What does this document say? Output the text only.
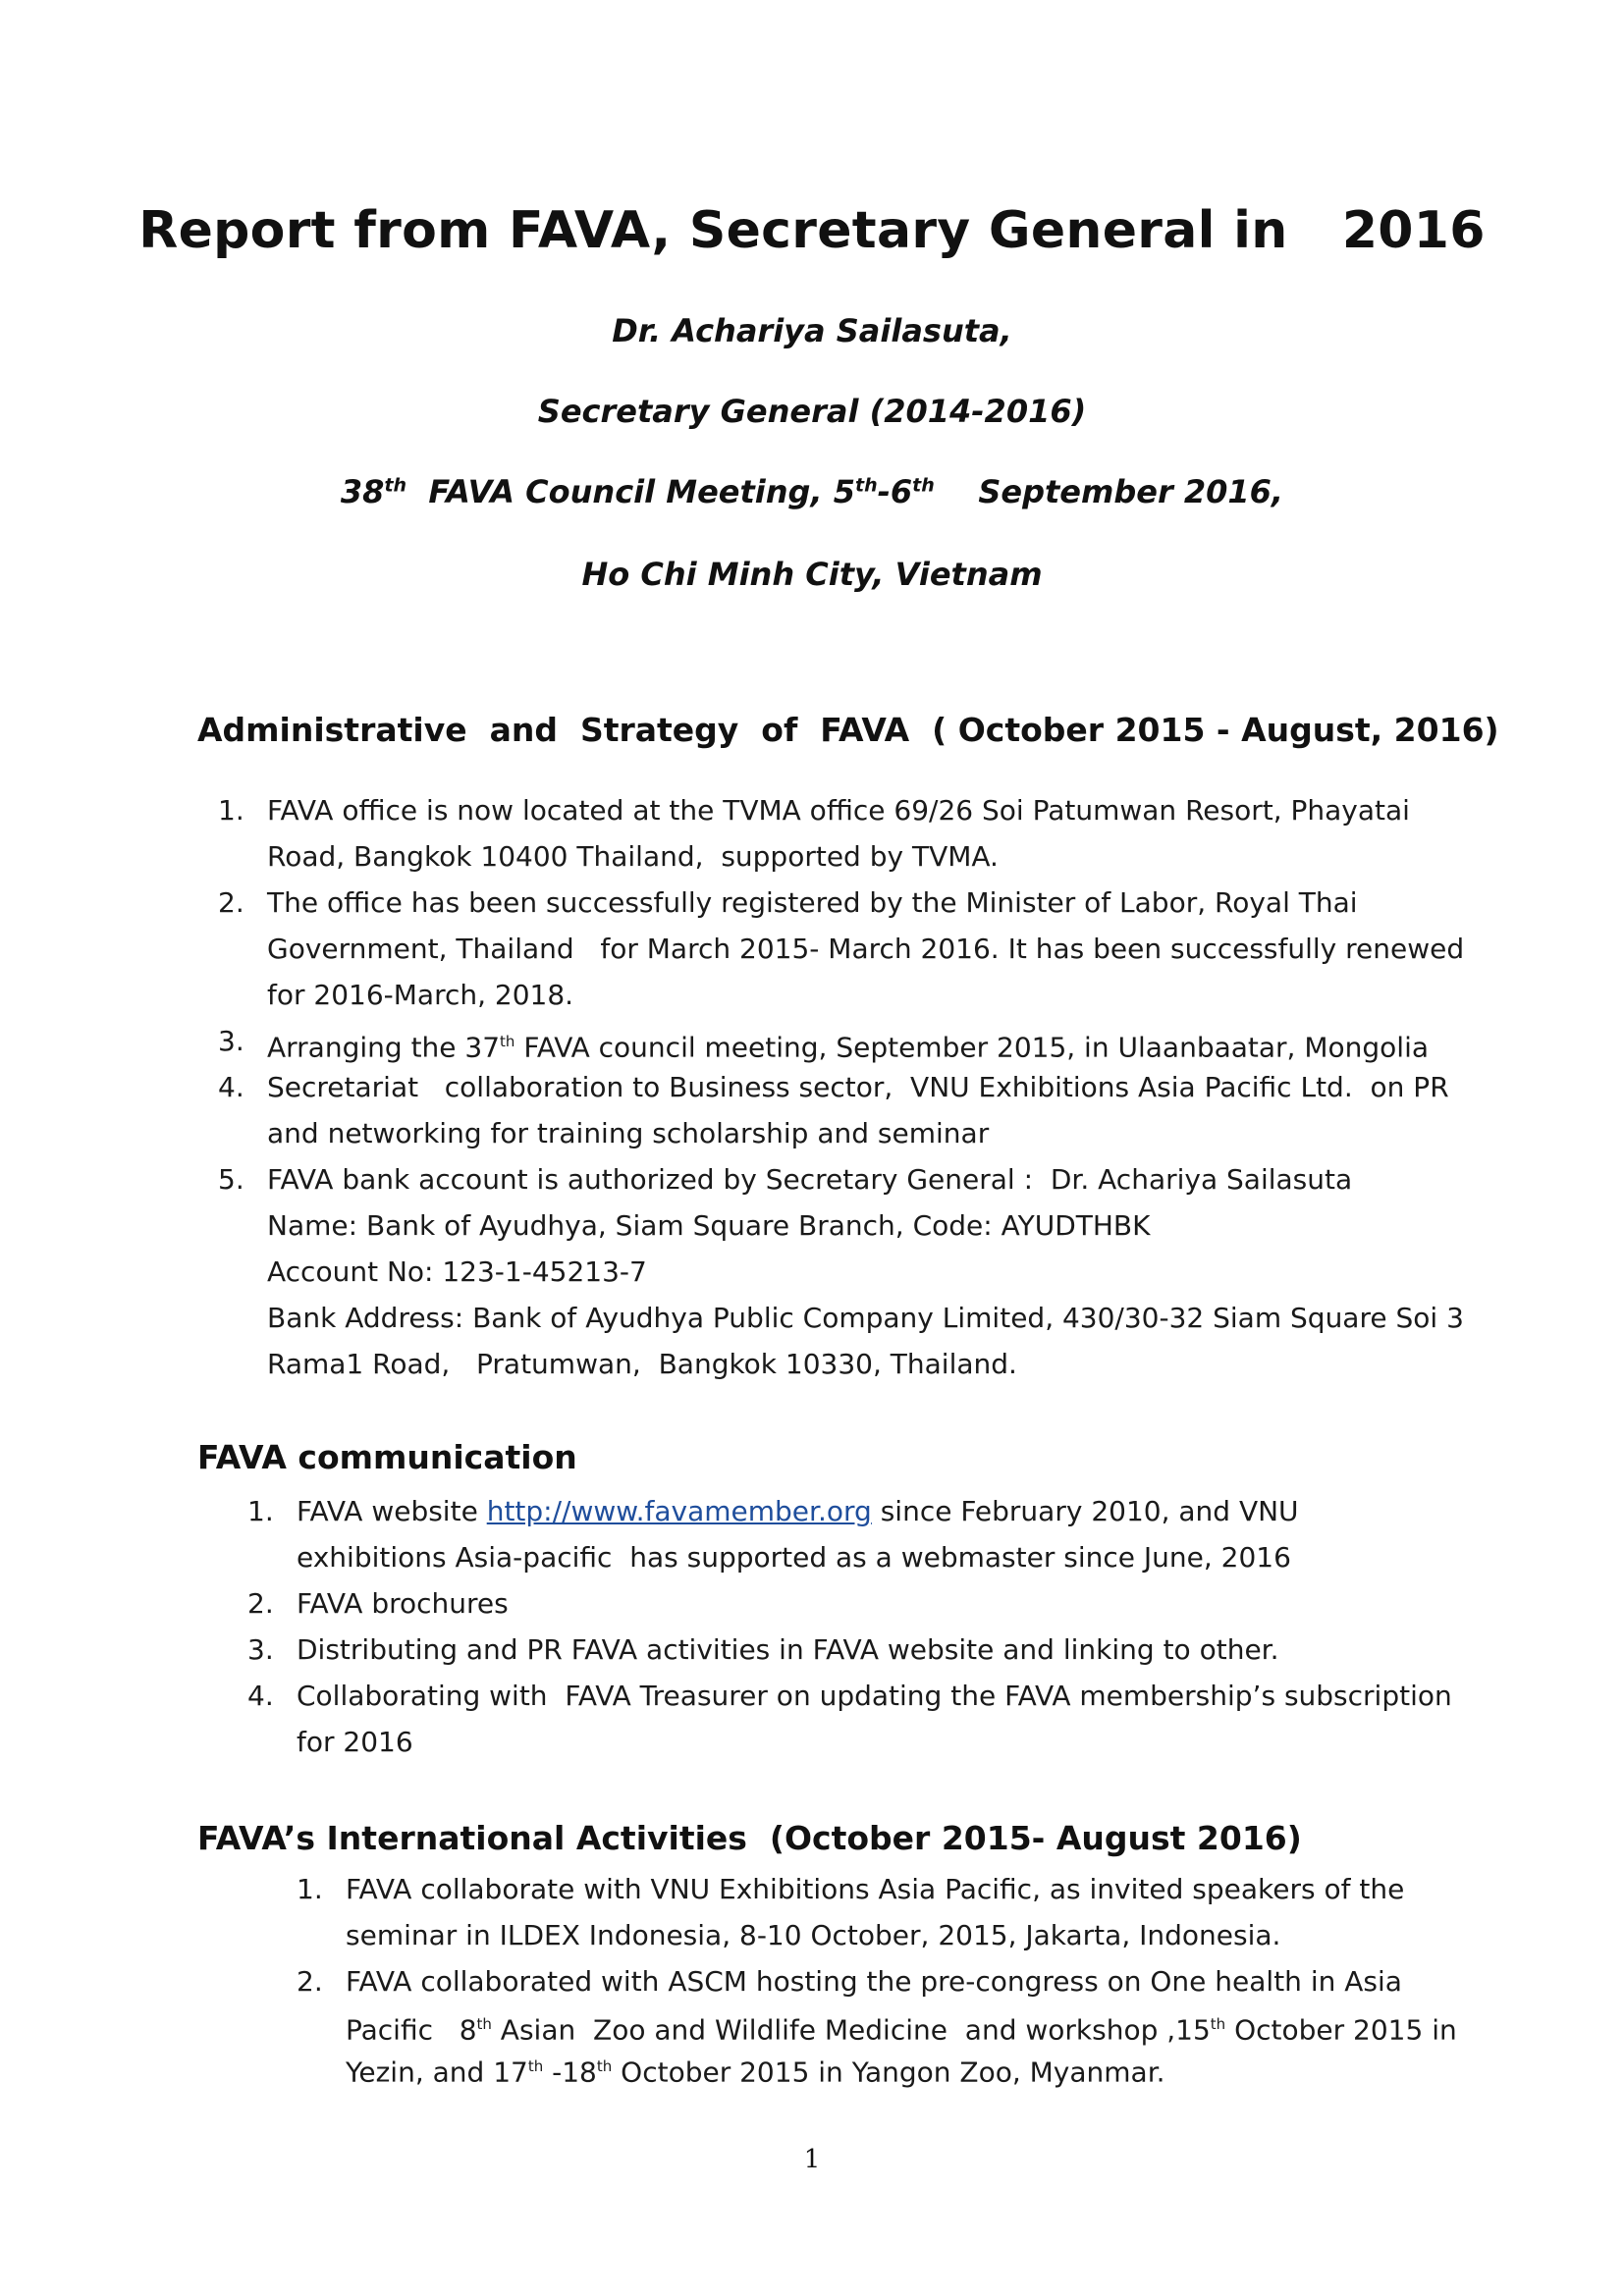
Report from FAVA, Secretary General in   2016
Dr. Achariya Sailasuta,
Secretary General (2014-2016)
38th  FAVA Council Meeting, 5th-6th    September 2016,
Ho Chi Minh City, Vietnam
Administrative  and  Strategy  of  FAVA  ( October 2015 - August, 2016)
1. FAVA office is now located at the TVMA office 69/26 Soi Patumwan Resort, Phayatai
Road, Bangkok 10400 Thailand,  supported by TVMA.
2. The office has been successfully registered by the Minister of Labor, Royal Thai
Government, Thailand   for March 2015- March 2016. It has been successfully renewed
for 2016-March, 2018.
3. Arranging the 37th FAVA council meeting, September 2015, in Ulaanbaatar, Mongolia
4. Secretariat   collaboration to Business sector,  VNU Exhibitions Asia Pacific Ltd.  on PR
and networking for training scholarship and seminar
5. FAVA bank account is authorized by Secretary General :  Dr. Achariya Sailasuta
Name: Bank of Ayudhya, Siam Square Branch, Code: AYUDTHBK
Account No: 123-1-45213-7
Bank Address: Bank of Ayudhya Public Company Limited, 430/30-32 Siam Square Soi 3
Rama1 Road,   Pratumwan,  Bangkok 10330, Thailand.
FAVA communication
1. FAVA website http://www.favamember.org since February 2010, and VNU
exhibitions Asia-pacific  has supported as a webmaster since June, 2016
2. FAVA brochures
3. Distributing and PR FAVA activities in FAVA website and linking to other.
4. Collaborating with  FAVA Treasurer on updating the FAVA membership’s subscription
for 2016
FAVA’s International Activities  (October 2015- August 2016)
1. FAVA collaborate with VNU Exhibitions Asia Pacific, as invited speakers of the
seminar in ILDEX Indonesia, 8-10 October, 2015, Jakarta, Indonesia.
2. FAVA collaborated with ASCM hosting the pre-congress on One health in Asia
Pacific   8th Asian  Zoo and Wildlife Medicine  and workshop ,15th October 2015 in
Yezin, and 17th -18th October 2015 in Yangon Zoo, Myanmar.
1
